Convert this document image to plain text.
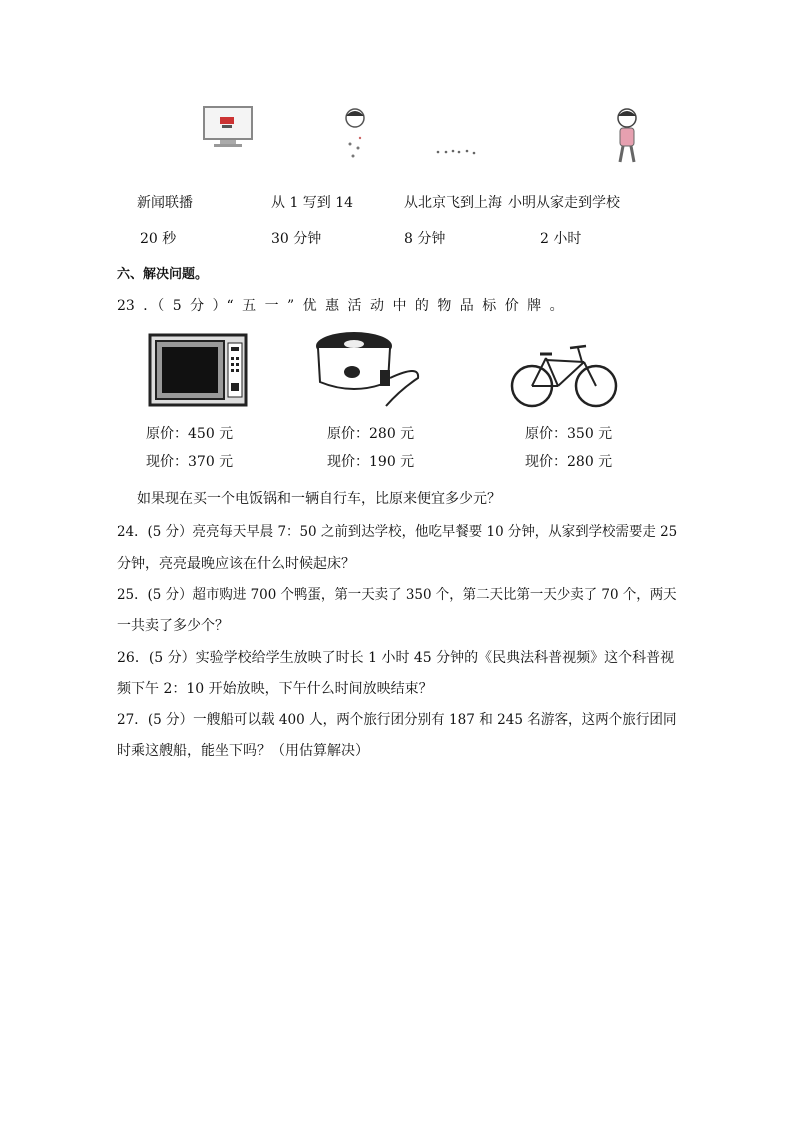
新闻联播	从 1 写到 14	从北京飞到上海 小明从家走到学校
20 秒	30 分钟	8 分钟	2 小时
六、解决问题。
23 ．（ 5 分 ）“ 五 一 ” 优 惠 活 动 中 的 物 品 标 价 牌 。
原价：450 元
现价：370 元
原价：280 元
现价：190 元
原价：350 元
现价：280 元
如果现在买一个电饭锅和一辆自行车，比原来便宜多少元？
24．(5 分）亮亮每天早晨 7：50 之前到达学校，他吃早餐要 10 分钟，从家到学校需要走 25
分钟，亮亮最晚应该在什么时候起床？
25．(5 分）超市购进 700 个鸭蛋，第一天卖了 350 个，第二天比第一天少卖了 70 个，两天
一共卖了多少个？
26．(5 分）实验学校给学生放映了时长 1 小时 45 分钟的《民典法科普视频》这个科普视
频下午 2：10 开始放映，下午什么时间放映结束？
27．(5 分）一艘船可以载 400 人，两个旅行团分别有 187 和 245 名游客，这两个旅行团同
时乘这艘船，能坐下吗？（用估算解决）
